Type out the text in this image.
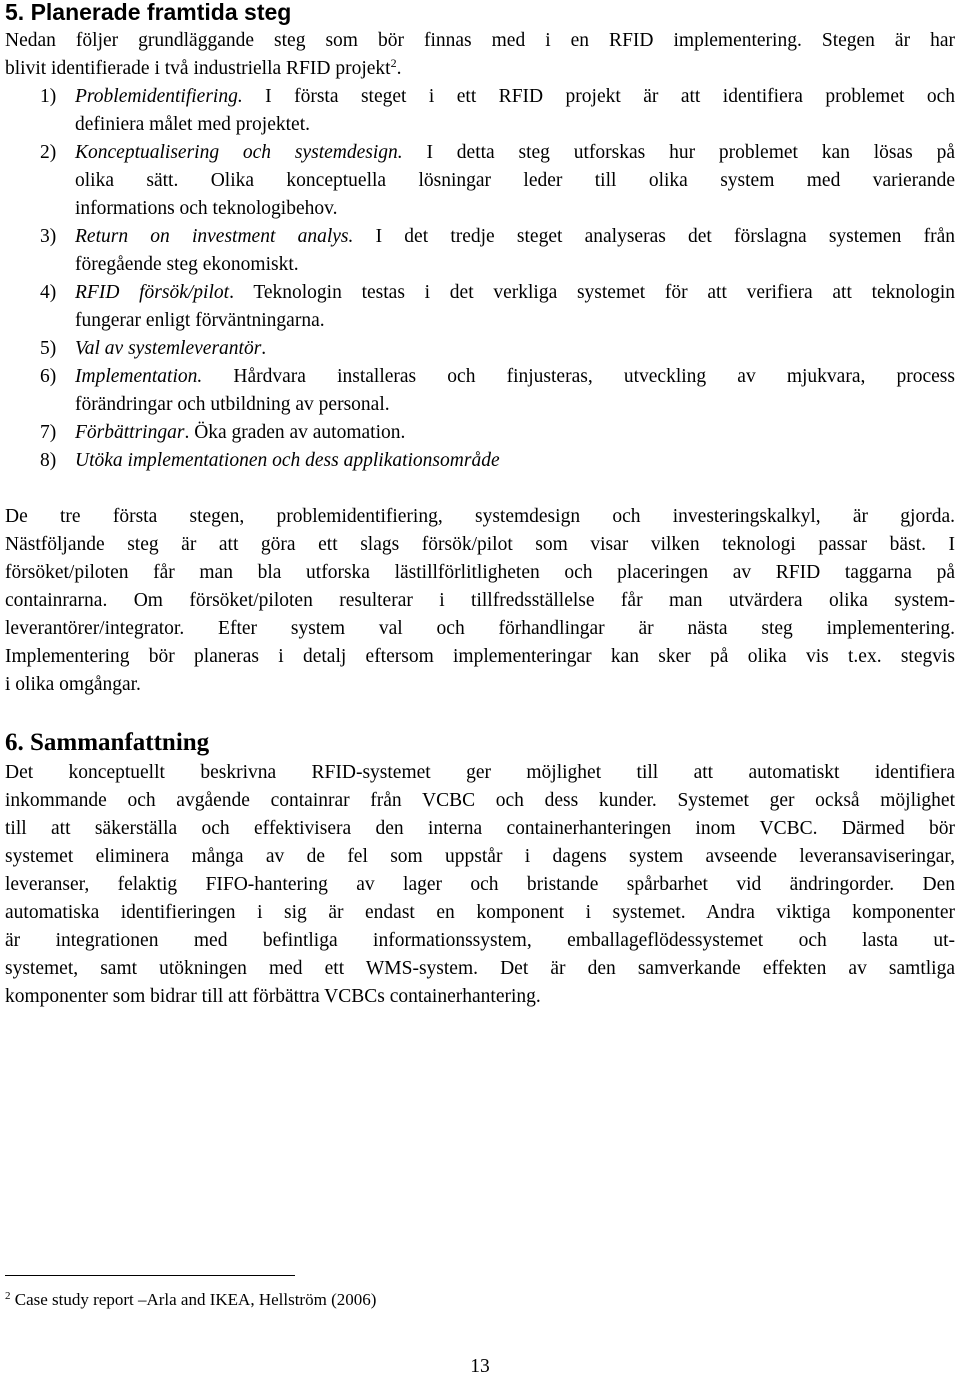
5. Planerade framtida steg
Nedan följer grundläggande steg som bör finnas med i en RFID implementering. Stegen är har
blivit identifierade i två industriella RFID projekt$^2$.
1) Problemidentifiering. I första steget i ett RFID projekt är att identifiera problemet och
definiera målet med projektet.
2) Konceptualisering och systemdesign. I detta steg utforskas hur problemet kan lösas på
olika sätt. Olika konceptuella lösningar leder till olika system med varierande
informations och teknologibehov.
3) Return on investment analys. I det tredje steget analyseras det förslagna systemen från
föregående steg ekonomiskt.
4) RFID försök/pilot. Teknologin testas i det verkliga systemet för att verifiera att teknologin
fungerar enligt förväntningarna.
5) Val av systemleverantör.
6) Implementation. Hårdvara installeras och finjusteras, utveckling av mjukvara, process
förändringar och utbildning av personal.
7) Förbättringar. Öka graden av automation.
8) Utöka implementationen och dess applikationsområde
De tre första stegen, problemidentifiering, systemdesign och investeringskalkyl, är gjorda.
Nästföljande steg är att göra ett slags försök/pilot som visar vilken teknologi passar bäst. I
försöket/piloten får man bla utforska lästillförlitligheten och placeringen av RFID taggarna på
containrarna. Om försöket/piloten resulterar i tillfredsställelse får man utvärdera olika system-
leverantörer/integrator. Efter system val och förhandlingar är nästa steg implementering.
Implementering bör planeras i detalj eftersom implementeringar kan sker på olika vis t.ex. stegvis
i olika omgångar.
6. Sammanfattning
Det konceptuellt beskrivna RFID-systemet ger möjlighet till att automatiskt identifiera
inkommande och avgående containrar från VCBC och dess kunder. Systemet ger också möjlighet
till att säkerställa och effektivisera den interna containerhanteringen inom VCBC. Därmed bör
systemet eliminera många av de fel som uppstår i dagens system avseende leveransaviseringar,
leveranser, felaktig FIFO-hantering av lager och bristande spårbarhet vid ändringorder. Den
automatiska identifieringen i sig är endast en komponent i systemet. Andra viktiga komponenter
är integrationen med befintliga informationssystem, emballageflödessystemet och lasta ut-
systemet, samt utökningen med ett WMS-system. Det är den samverkande effekten av samtliga
komponenter som bidrar till att förbättra VCBCs containerhantering.
$^2$ Case study report –Arla and IKEA, Hellström (2006)
13
